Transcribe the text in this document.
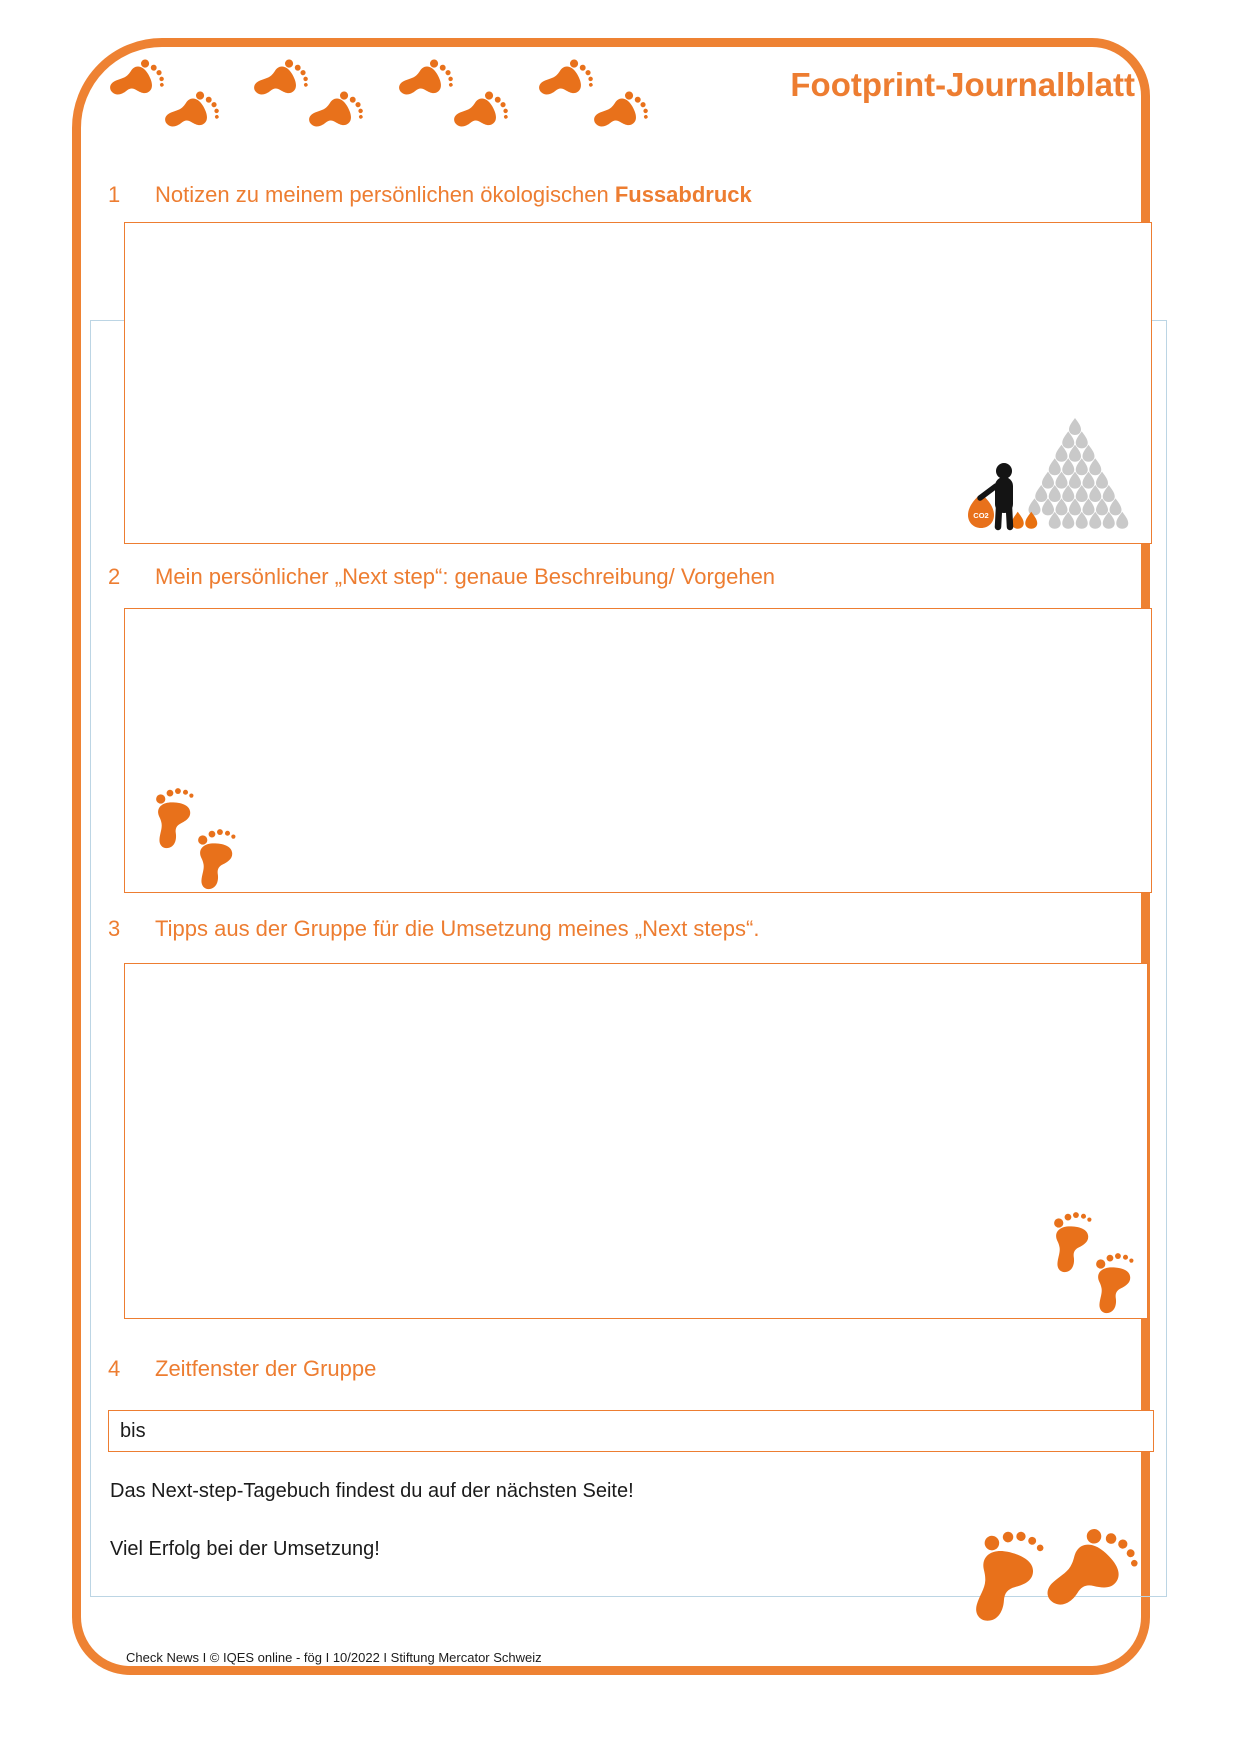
Footprint-Journalblatt
1 Notizen zu meinem persönlichen ökologischen Fussabdruck
CO2
2 Mein persönlicher „Next step“: genaue Beschreibung/ Vorgehen
3 Tipps aus der Gruppe für die Umsetzung meines „Next steps“.
4 Zeitfenster der Gruppe
bis
Das Next-step-Tagebuch findest du auf der nächsten Seite!
Viel Erfolg bei der Umsetzung!
Check News I © IQES online - fög I 10/2022 I Stiftung Mercator Schweiz
